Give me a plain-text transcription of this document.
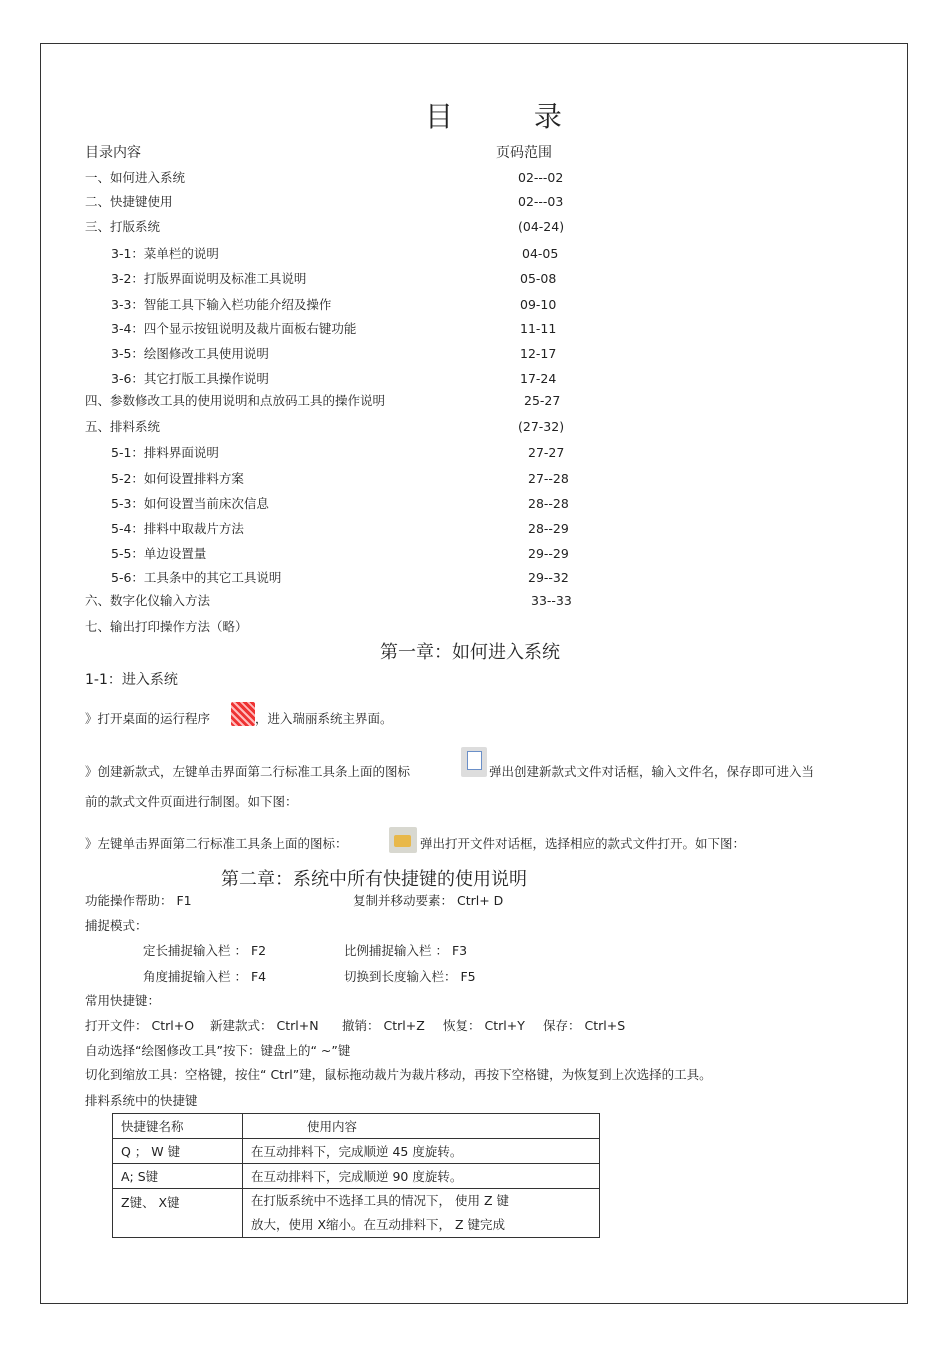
目 录
目录内容	页码范围
一、如何进入系统	02---02
二、快捷键使用	02---03
三、打版系统	(04-24)
3-1：菜单栏的说明	04-05
3-2：打版界面说明及标准工具说明	05-08
3-3：智能工具下输入栏功能介绍及操作	09-10
3-4：四个显示按钮说明及裁片面板右键功能	11-11
3-5：绘图修改工具使用说明	12-17
3-6：其它打版工具操作说明	17-24
四、参数修改工具的使用说明和点放码工具的操作说明	25-27
五、排料系统	(27-32)
5-1：排料界面说明	27-27
5-2：如何设置排料方案	27--28
5-3：如何设置当前床次信息	28--28
5-4：排料中取裁片方法	28--29
5-5：单边设置量	29--29
5-6：工具条中的其它工具说明	29--32
六、数字化仪输入方法	33--33
七、输出打印操作方法（略）
第一章：如何进入系统
1-1：进入系统
》打开桌面的运行程序	，进入瑞丽系统主界面。
》创建新款式，左键单击界面第二行标准工具条上面的图标	弹出创建新款式文件对话框，输入文件名，保存即可进入当
前的款式文件页面进行制图。如下图：
》左键单击界面第二行标准工具条上面的图标：	弹出打开文件对话框，选择相应的款式文件打开。如下图：
第二章：系统中所有快捷键的使用说明
功能操作帮助： F1	复制并移动要素： Ctrl+ D
捕捉模式：
定长捕捉输入栏 ： F2	比例捕捉输入栏 ： F3
角度捕捉输入栏 ： F4	切换到长度输入栏： F5
常用快捷键：
打开文件： Ctrl+O 新建款式： Ctrl+N 撤销： Ctrl+Z 恢复： Ctrl+Y 保存： Ctrl+S
自动选择“绘图修改工具”按下：键盘上的“ ~”键
切化到缩放工具：空格键，按住“ Ctrl”建，鼠标拖动裁片为裁片移动，再按下空格键，为恢复到上次选择的工具。
排料系统中的快捷键
快捷键名称	使用内容
Q ； W 键	在互动排料下，完成顺逆 45 度旋转。
A; S键	在互动排料下，完成顺逆 90 度旋转。
Z键、 X键	在打版系统中不选择工具的情况下， 使用 Z 键
放大，使用 X缩小。在互动排料下， Z 键完成
